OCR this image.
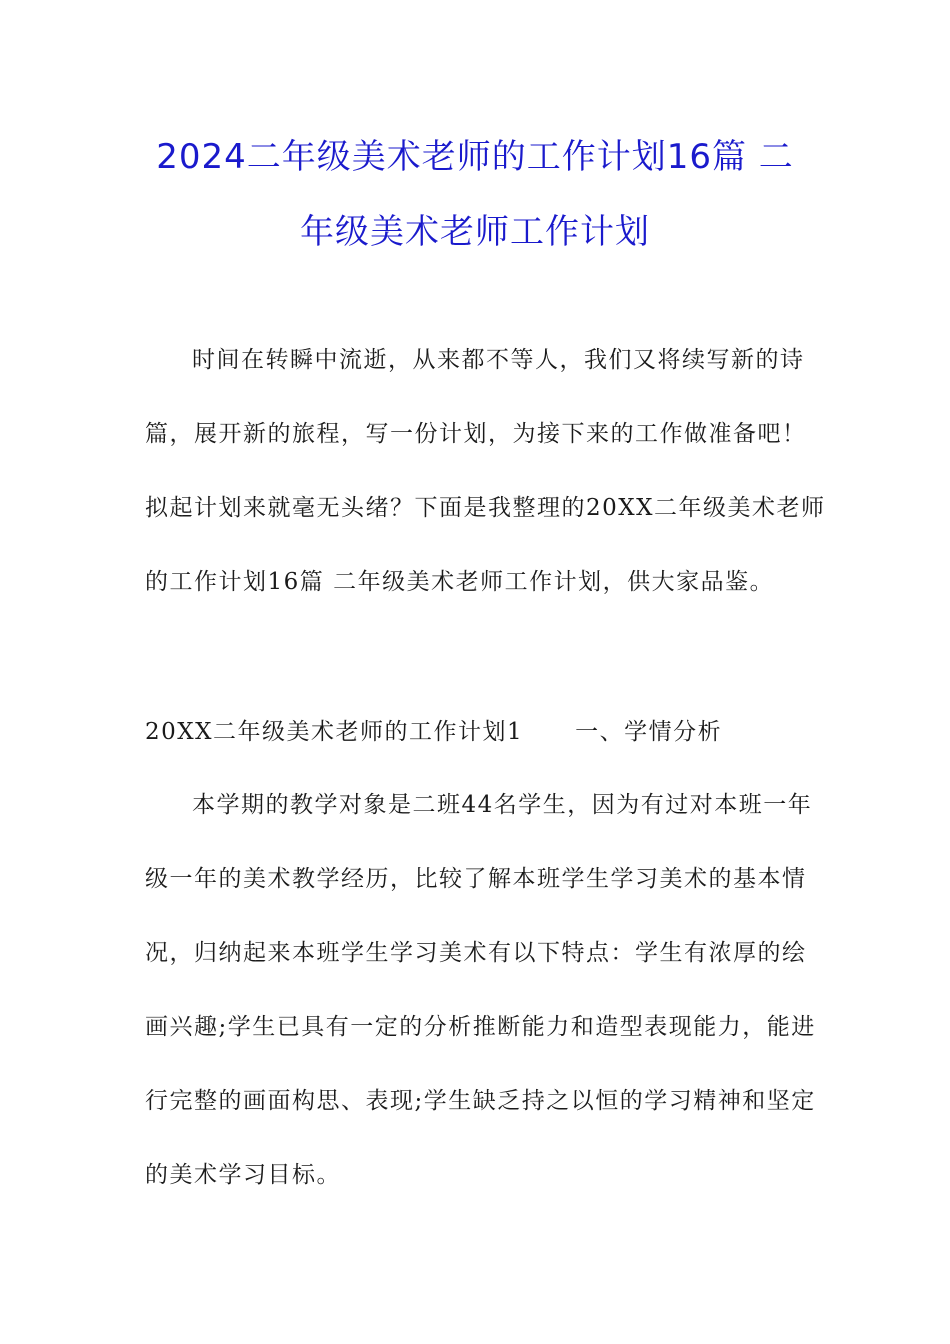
2024二年级美术老师的工作计划16篇 二
年级美术老师工作计划
时间在转瞬中流逝，从来都不等人，我们又将续写新的诗
篇，展开新的旅程，写一份计划，为接下来的工作做准备吧！
拟起计划来就毫无头绪？下面是我整理的20XX二年级美术老师
的工作计划16篇 二年级美术老师工作计划，供大家品鉴。
20XX二年级美术老师的工作计划1 一、学情分析
本学期的教学对象是二班44名学生，因为有过对本班一年
级一年的美术教学经历，比较了解本班学生学习美术的基本情
况，归纳起来本班学生学习美术有以下特点：学生有浓厚的绘
画兴趣;学生已具有一定的分析推断能力和造型表现能力，能进
行完整的画面构思、表现;学生缺乏持之以恒的学习精神和坚定
的美术学习目标。
